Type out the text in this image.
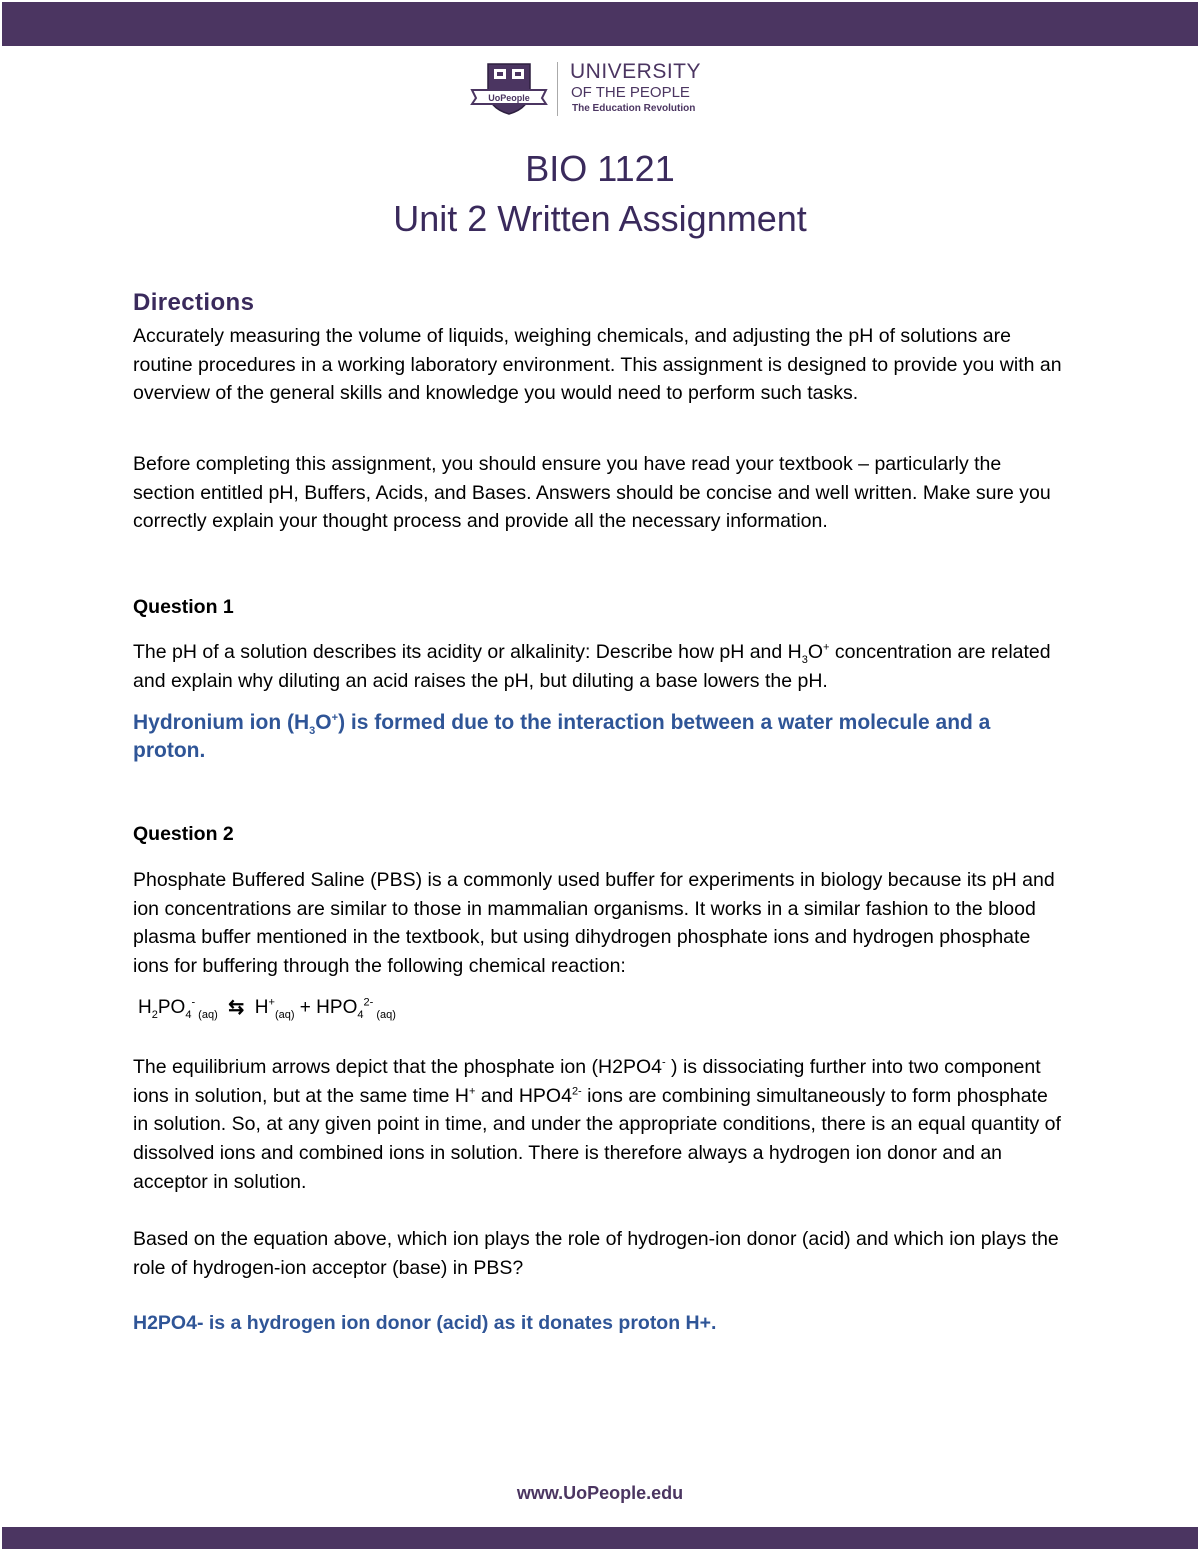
UoPeople
UNIVERSITY
OF THE PEOPLE
The Education Revolution
BIO 1121
Unit 2 Written Assignment
Directions

Accurately measuring the volume of liquids, weighing chemicals, and adjusting the pH of solutions are routine procedures in a working laboratory environment. This assignment is designed to provide you with an overview of the general skills and knowledge you would need to perform such tasks.

Before completing this assignment, you should ensure you have read your textbook – particularly the section entitled pH, Buffers, Acids, and Bases. Answers should be concise and well written. Make sure you correctly explain your thought process and provide all the necessary information.

Question 1

The pH of a solution describes its acidity or alkalinity: Describe how pH and $H_3O^+$ concentration are related and explain why diluting an acid raises the pH, but diluting a base lowers the pH.

Hydronium ion $(H_3O^+)$ is formed due to the interaction between a water molecule and a proton.

Question 2

Phosphate Buffered Saline (PBS) is a commonly used buffer for experiments in biology because its pH and ion concentrations are similar to those in mammalian organisms. It works in a similar fashion to the blood plasma buffer mentioned in the textbook, but using dihydrogen phosphate ions and hydrogen phosphate ions for buffering through the following chemical reaction:

$H_2PO_4^-$ $_{(aq)}$ ⇆ $H^+_{(aq)} + HPO_4^{2-}$ $_{(aq)}$

The equilibrium arrows depict that the phosphate ion (H2PO4- ) is dissociating further into two component ions in solution, but at the same time H+ and $HPO4^{2-}$ ions are combining simultaneously to form phosphate in solution. So, at any given point in time, and under the appropriate conditions, there is an equal quantity of dissolved ions and combined ions in solution. There is therefore always a hydrogen ion donor and an acceptor in solution.

Based on the equation above, which ion plays the role of hydrogen-ion donor (acid) and which ion plays the role of hydrogen-ion acceptor (base) in PBS?

H2PO4- is a hydrogen ion donor (acid) as it donates proton H+.
www.UoPeople.edu
